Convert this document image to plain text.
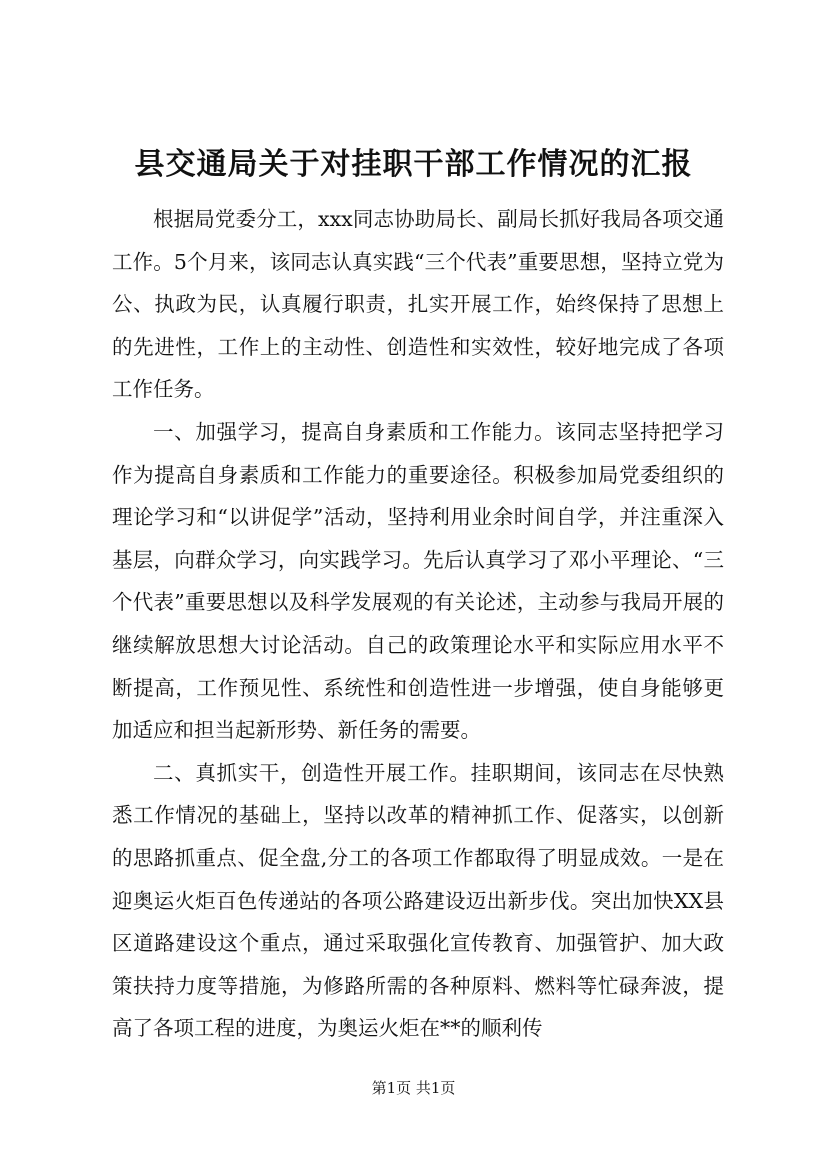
县交通局关于对挂职干部工作情况的汇报

根据局党委分工，xxx同志协助局长、副局长抓好我局各项交通工作。5个月来，该同志认真实践“三个代表”重要思想，坚持立党为公、执政为民，认真履行职责，扎实开展工作，始终保持了思想上的先进性，工作上的主动性、创造性和实效性，较好地完成了各项工作任务。

一、加强学习，提高自身素质和工作能力。该同志坚持把学习作为提高自身素质和工作能力的重要途径。积极参加局党委组织的理论学习和“以讲促学”活动，坚持利用业余时间自学，并注重深入基层，向群众学习，向实践学习。先后认真学习了邓小平理论、“三个代表”重要思想以及科学发展观的有关论述，主动参与我局开展的继续解放思想大讨论活动。自己的政策理论水平和实际应用水平不断提高，工作预见性、系统性和创造性进一步增强，使自身能够更加适应和担当起新形势、新任务的需要。

二、真抓实干，创造性开展工作。挂职期间，该同志在尽快熟悉工作情况的基础上，坚持以改革的精神抓工作、促落实，以创新的思路抓重点、促全盘,分工的各项工作都取得了明显成效。一是在迎奥运火炬百色传递站的各项公路建设迈出新步伐。突出加快XX县区道路建设这个重点，通过采取强化宣传教育、加强管护、加大政策扶持力度等措施，为修路所需的各种原料、燃料等忙碌奔波，提高了各项工程的进度，为奥运火炬在**的顺利传

第1页 共1页
